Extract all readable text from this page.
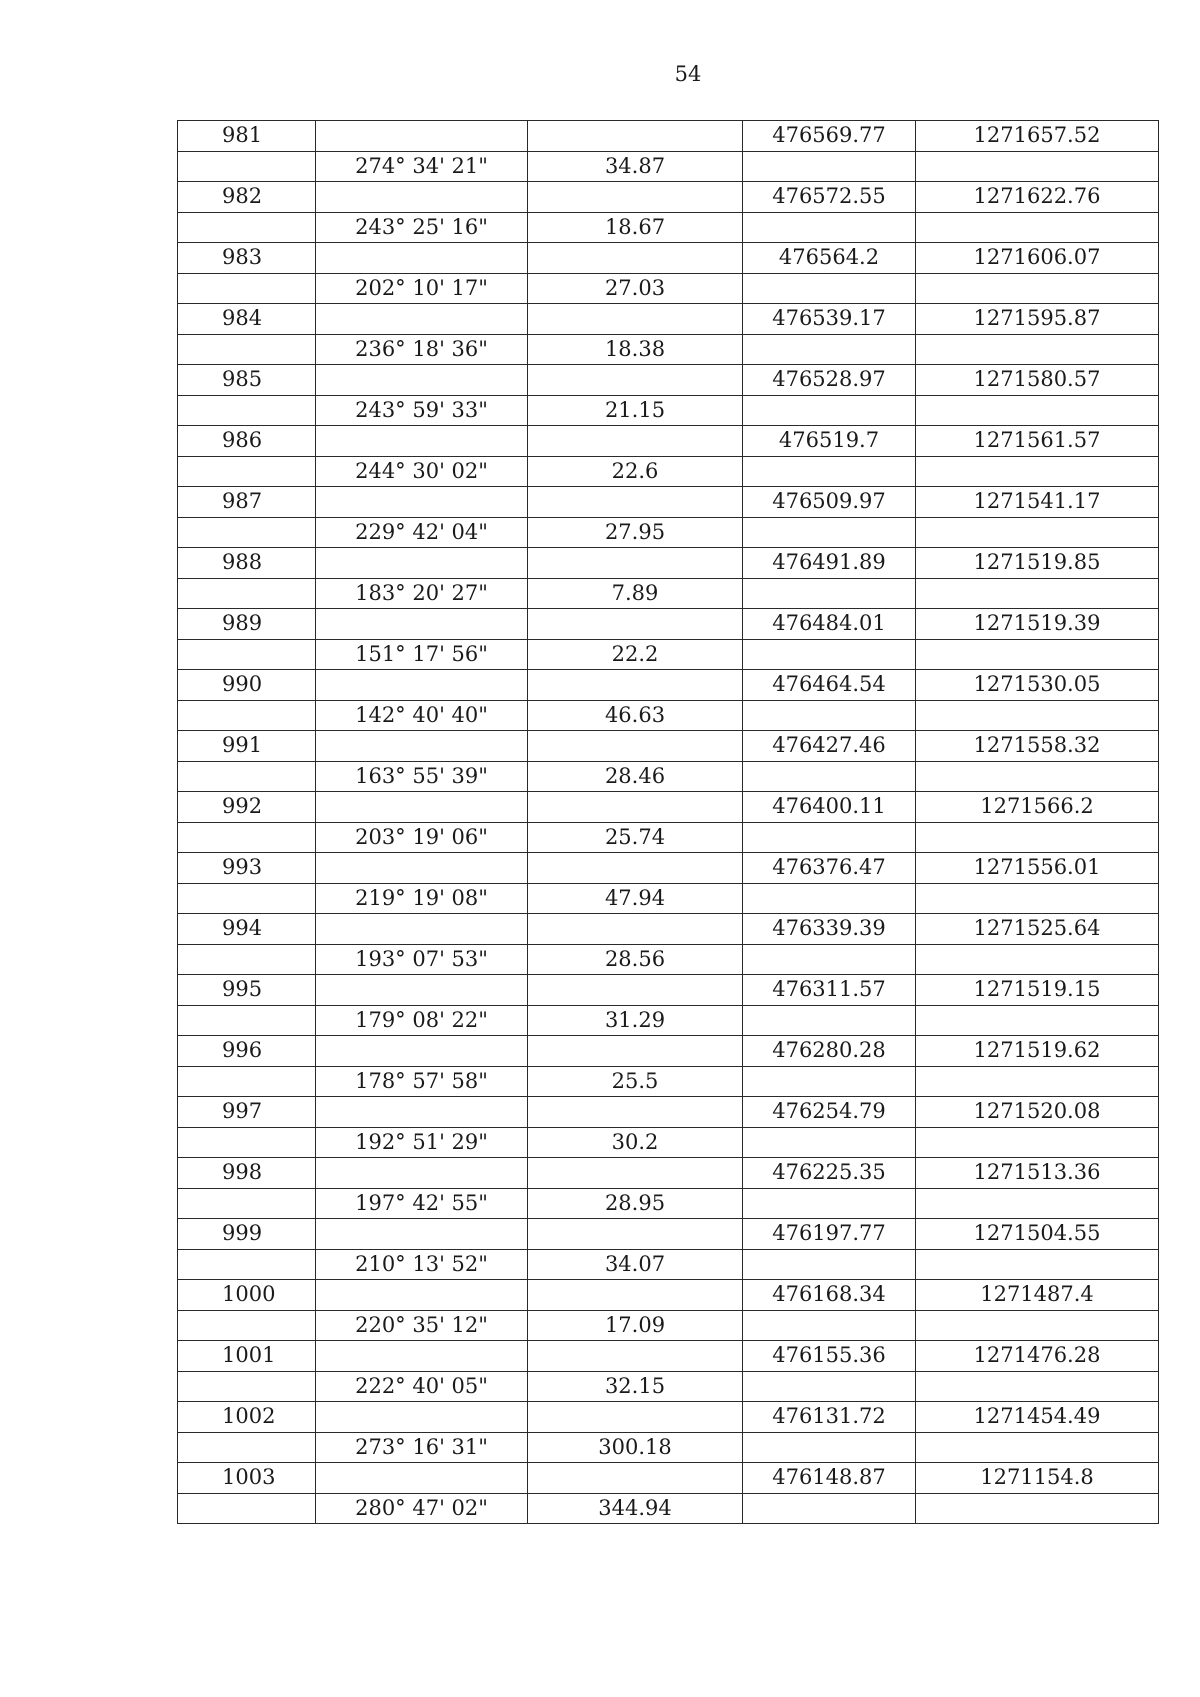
54
981			476569.77	1271657.52
	274° 34' 21"	34.87		
982			476572.55	1271622.76
	243° 25' 16"	18.67		
983			476564.2	1271606.07
	202° 10' 17"	27.03		
984			476539.17	1271595.87
	236° 18' 36"	18.38		
985			476528.97	1271580.57
	243° 59' 33"	21.15		
986			476519.7	1271561.57
	244° 30' 02"	22.6		
987			476509.97	1271541.17
	229° 42' 04"	27.95		
988			476491.89	1271519.85
	183° 20' 27"	7.89		
989			476484.01	1271519.39
	151° 17' 56"	22.2		
990			476464.54	1271530.05
	142° 40' 40"	46.63		
991			476427.46	1271558.32
	163° 55' 39"	28.46		
992			476400.11	1271566.2
	203° 19' 06"	25.74		
993			476376.47	1271556.01
	219° 19' 08"	47.94		
994			476339.39	1271525.64
	193° 07' 53"	28.56		
995			476311.57	1271519.15
	179° 08' 22"	31.29		
996			476280.28	1271519.62
	178° 57' 58"	25.5		
997			476254.79	1271520.08
	192° 51' 29"	30.2		
998			476225.35	1271513.36
	197° 42' 55"	28.95		
999			476197.77	1271504.55
	210° 13' 52"	34.07		
1000			476168.34	1271487.4
	220° 35' 12"	17.09		
1001			476155.36	1271476.28
	222° 40' 05"	32.15		
1002			476131.72	1271454.49
	273° 16' 31"	300.18		
1003			476148.87	1271154.8
	280° 47' 02"	344.94		
